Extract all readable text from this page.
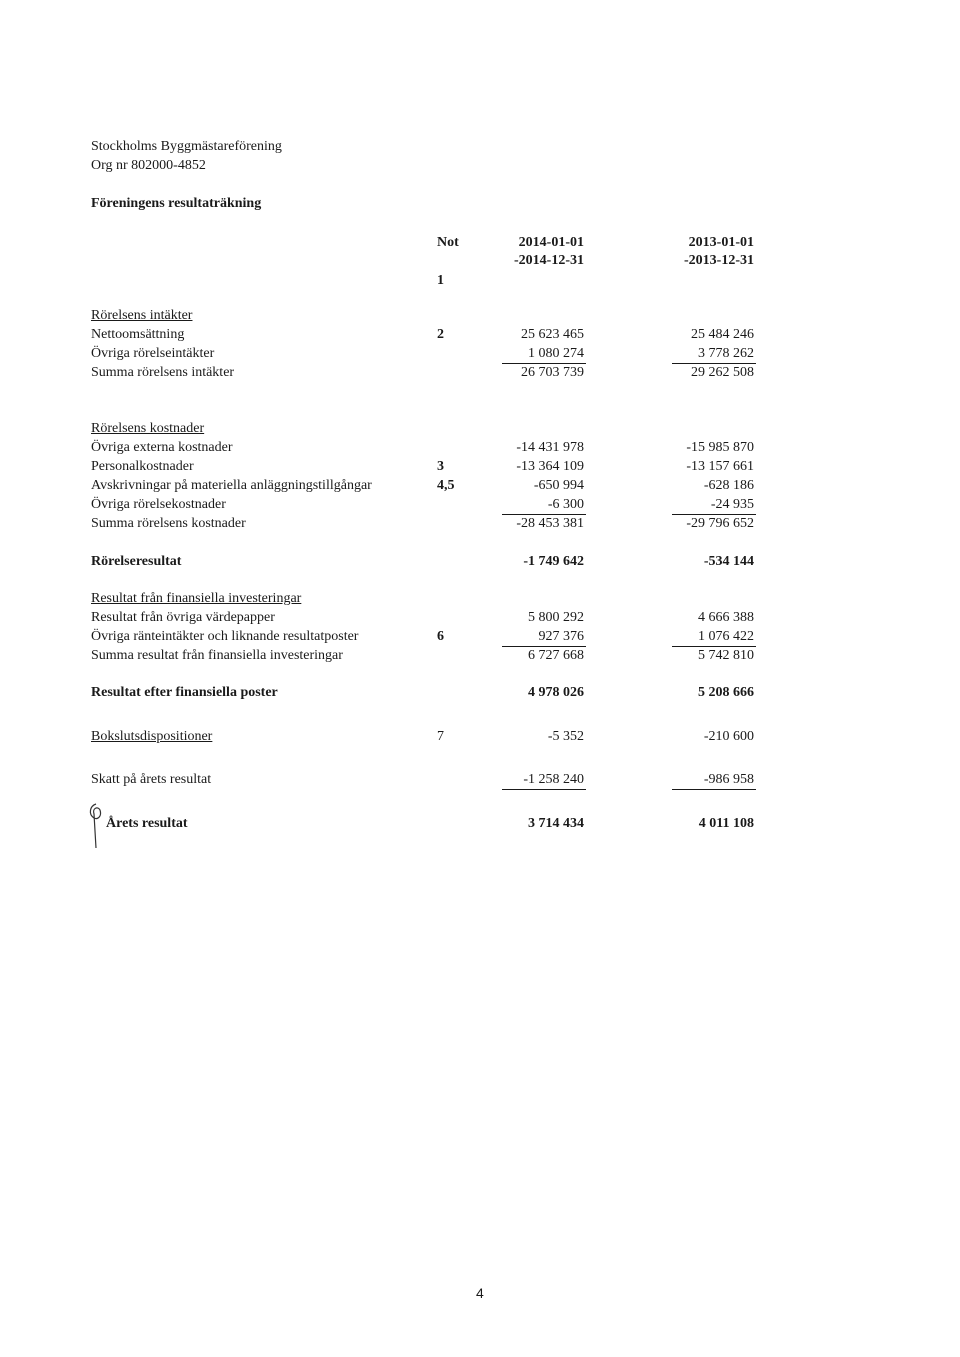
Stockholms Byggmästareförening
Org nr 802000-4852
Föreningens resultaträkning
Not
1
2014-01-01
-2014-12-31
2013-01-01
-2013-12-31
Rörelsens intäkter
Nettoomsättning	2	25 623 465	25 484 246
Övriga rörelseintäkter	1 080 274	3 778 262
Summa rörelsens intäkter	26 703 739	29 262 508
Rörelsens kostnader
Övriga externa kostnader	-14 431 978	-15 985 870
Personalkostnader	3	-13 364 109	-13 157 661
Avskrivningar på materiella anläggningstillgångar	4,5	-650 994	-628 186
Övriga rörelsekostnader	-6 300	-24 935
Summa rörelsens kostnader	-28 453 381	-29 796 652
Rörelseresultat	-1 749 642	-534 144
Resultat från finansiella investeringar
Resultat från övriga värdepapper	5 800 292	4 666 388
Övriga ränteintäkter och liknande resultatposter	6	927 376	1 076 422
Summa resultat från finansiella investeringar	6 727 668	5 742 810
Resultat efter finansiella poster	4 978 026	5 208 666
Bokslutsdispositioner	7	-5 352	-210 600
Skatt på årets resultat	-1 258 240	-986 958
Årets resultat	3 714 434	4 011 108
4
